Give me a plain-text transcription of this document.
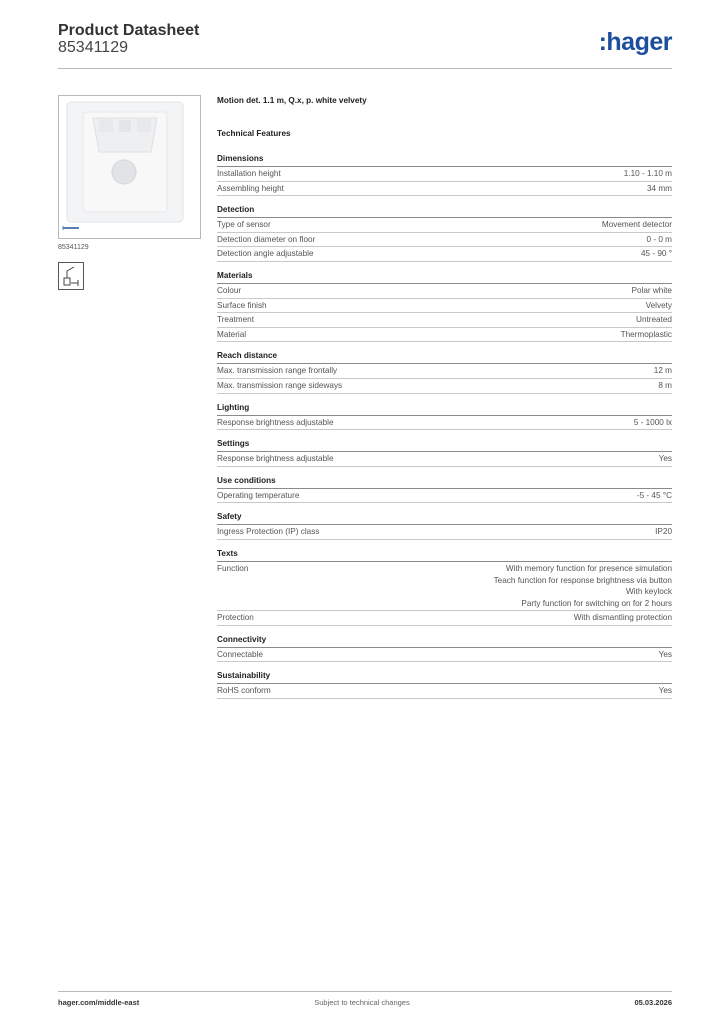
Product Datasheet
85341129	:hager
85341129
Motion det. 1.1 m, Q.x, p. white velvety
Technical Features
Dimensions
Installation height	1.10 - 1.10 m
Assembling height	34 mm
Detection
Type of sensor	Movement detector
Detection diameter on floor	0 - 0 m
Detection angle adjustable	45 - 90 °
Materials
Colour	Polar white
Surface finish	Velvety
Treatment	Untreated
Material	Thermoplastic
Reach distance
Max. transmission range frontally	12 m
Max. transmission range sideways	8 m
Lighting
Response brightness adjustable	5 - 1000 lx
Settings
Response brightness adjustable	Yes
Use conditions
Operating temperature	-5 - 45 °C
Safety
Ingress Protection (IP) class	IP20
Texts
Function	With memory function for presence simulation
Teach function for response brightness via button
With keylock
Party function for switching on for 2 hours
Protection	With dismantling protection
Connectivity
Connectable	Yes
Sustainability
RoHS conform	Yes
hager.com/middle-east	Subject to technical changes	05.03.2026
